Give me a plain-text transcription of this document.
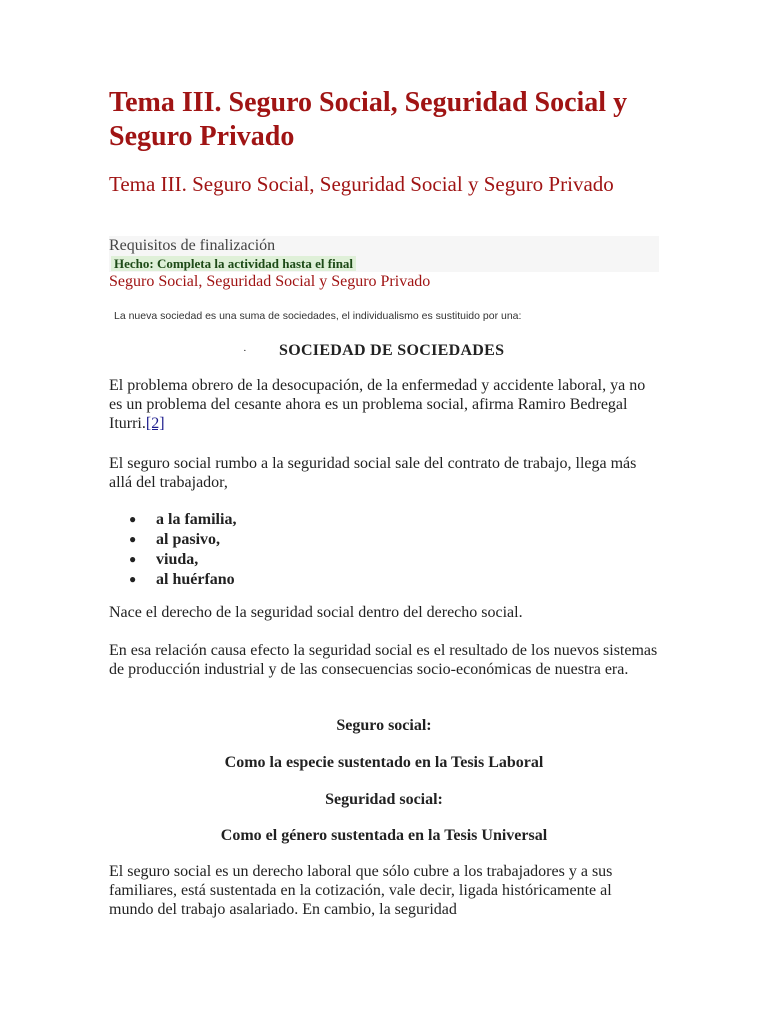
Tema III. Seguro Social, Seguridad Social y Seguro Privado
Tema III. Seguro Social, Seguridad Social y Seguro Privado
Requisitos de finalización
Hecho: Completa la actividad hasta el final
Seguro Social, Seguridad Social y Seguro Privado
La nueva sociedad es una suma de sociedades, el individualismo es sustituido por una:
· SOCIEDAD DE SOCIEDADES

El problema obrero de la desocupación, de la enfermedad y accidente laboral, ya no es un problema del cesante ahora es un problema social, afirma Ramiro Bedregal Iturri.[2]

El seguro social rumbo a la seguridad social sale del contrato de trabajo, llega más allá del trabajador,

● a la familia,
● al pasivo,
● viuda,
● al huérfano

Nace el derecho de la seguridad social dentro del derecho social.

En esa relación causa efecto la seguridad social es el resultado de los nuevos sistemas de producción industrial y de las consecuencias socio-económicas de nuestra era.

Seguro social:

Como la especie sustentado en la Tesis Laboral

Seguridad social:

Como el género sustentada en la Tesis Universal

El seguro social es un derecho laboral que sólo cubre a los trabajadores y a sus familiares, está sustentada en la cotización, vale decir, ligada históricamente al mundo del trabajo asalariado. En cambio, la seguridad
